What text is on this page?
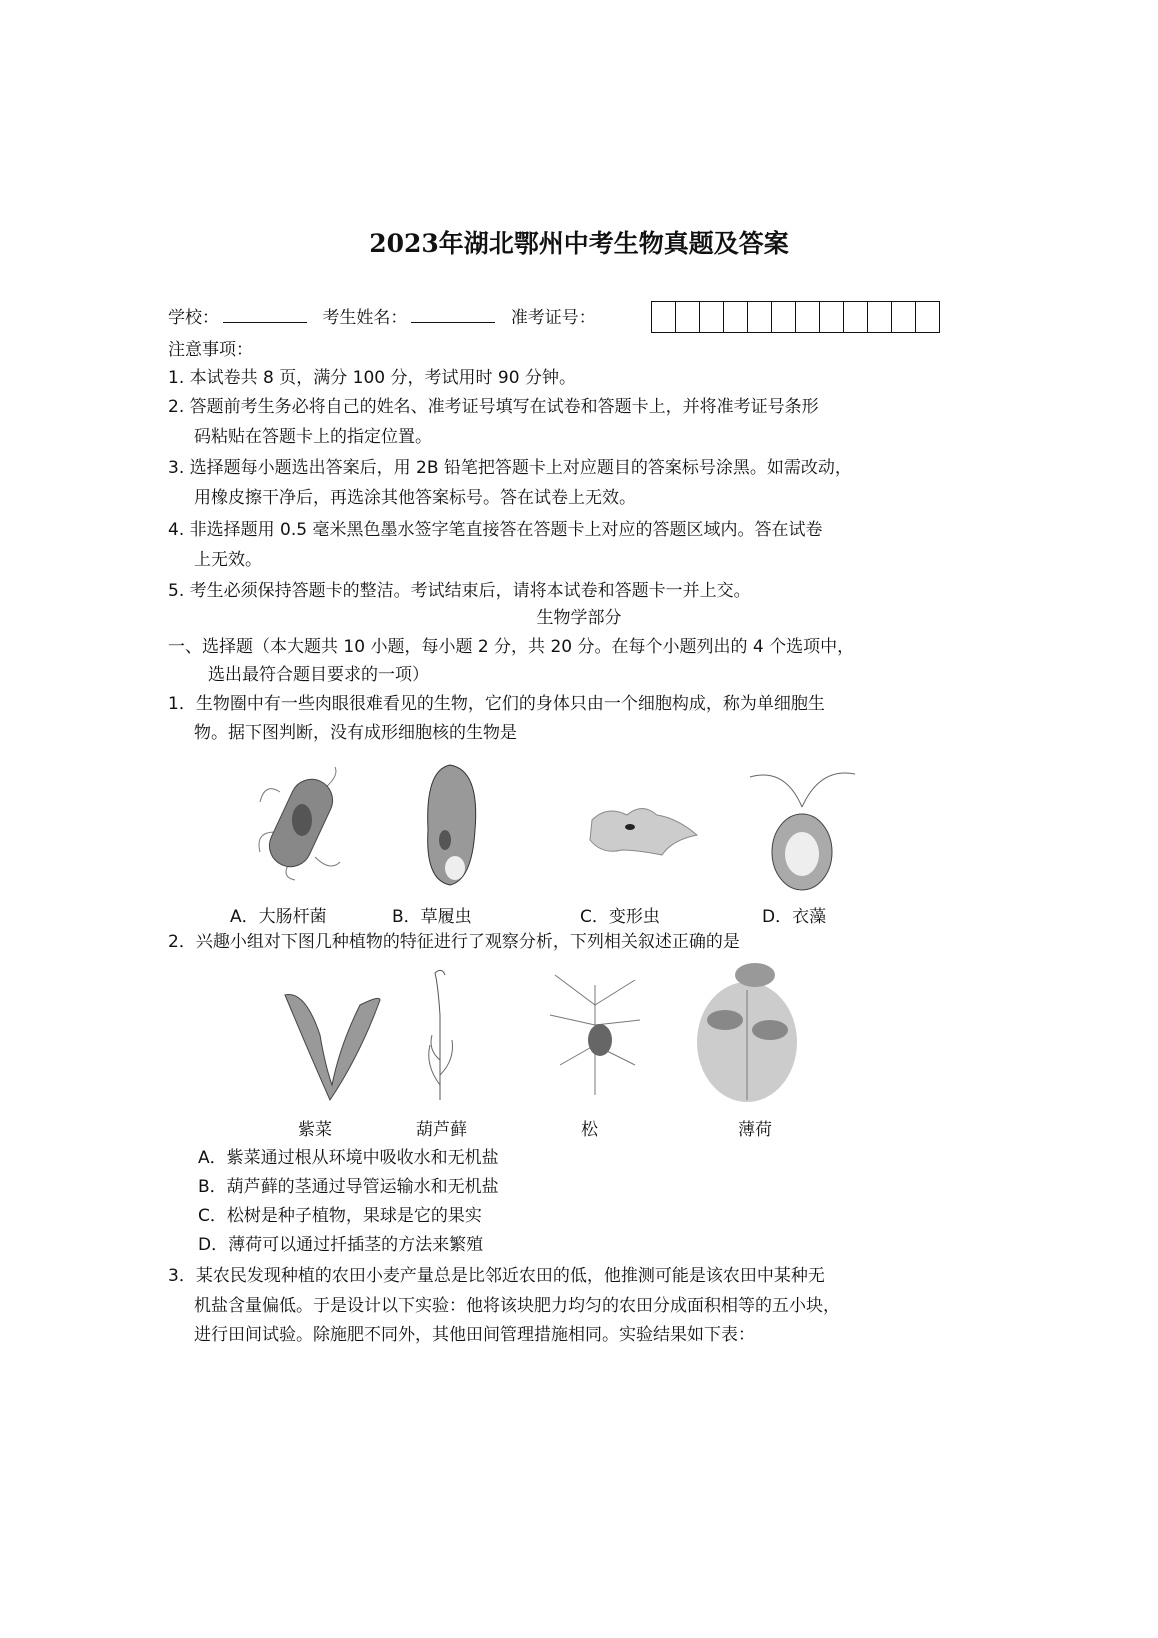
2023年湖北鄂州中考生物真题及答案
学校：	考生姓名：	准考证号：
注意事项：
1. 本试卷共 8 页，满分 100 分，考试用时 90 分钟。
2. 答题前考生务必将自己的姓名、准考证号填写在试卷和答题卡上，并将准考证号条形
码粘贴在答题卡上的指定位置。
3. 选择题每小题选出答案后，用 2B 铅笔把答题卡上对应题目的答案标号涂黑。如需改动，
用橡皮擦干净后，再选涂其他答案标号。答在试卷上无效。
4. 非选择题用 0.5 毫米黑色墨水签字笔直接答在答题卡上对应的答题区域内。答在试卷
上无效。
5. 考生必须保持答题卡的整洁。考试结束后，请将本试卷和答题卡一并上交。
生物学部分
一、选择题（本大题共 10 小题，每小题 2 分，共 20 分。在每个小题列出的 4 个选项中，
选出最符合题目要求的一项）
1．生物圈中有一些肉眼很难看见的生物，它们的身体只由一个细胞构成，称为单细胞生
物。据下图判断，没有成形细胞核的生物是
A．大肠杆菌	B．草履虫	C．变形虫	D．衣藻
2．兴趣小组对下图几种植物的特征进行了观察分析，下列相关叙述正确的是
紫菜	葫芦藓	松	薄荷
A．紫菜通过根从环境中吸收水和无机盐
B．葫芦藓的茎通过导管运输水和无机盐
C．松树是种子植物，果球是它的果实
D．薄荷可以通过扦插茎的方法来繁殖
3．某农民发现种植的农田小麦产量总是比邻近农田的低，他推测可能是该农田中某种无
机盐含量偏低。于是设计以下实验：他将该块肥力均匀的农田分成面积相等的五小块，
进行田间试验。除施肥不同外，其他田间管理措施相同。实验结果如下表：
